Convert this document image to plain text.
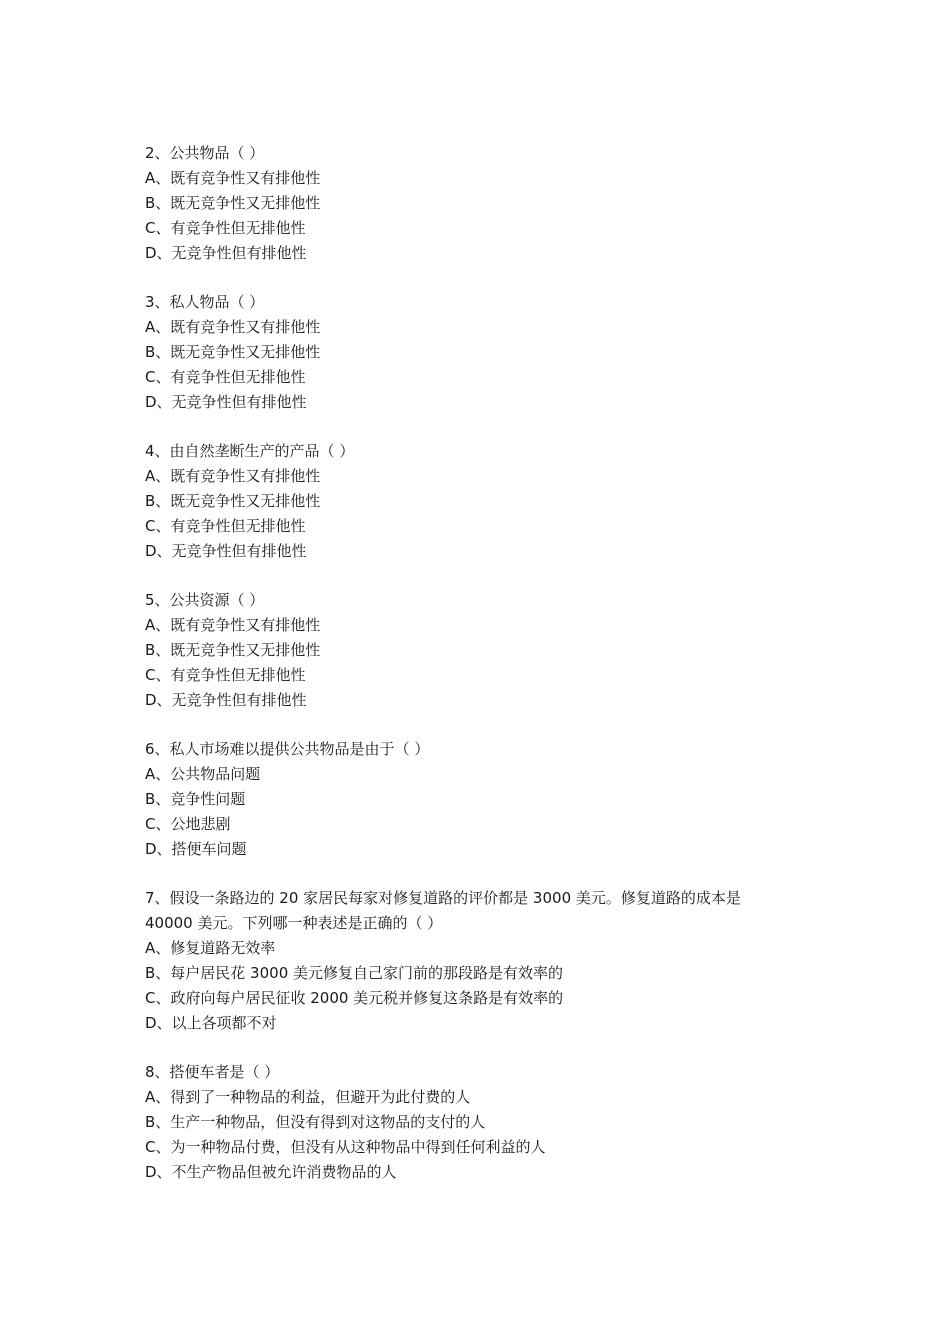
2、公共物品（ ）
A、既有竞争性又有排他性
B、既无竞争性又无排他性
C、有竞争性但无排他性
D、无竞争性但有排他性
3、私人物品（ ）
A、既有竞争性又有排他性
B、既无竞争性又无排他性
C、有竞争性但无排他性
D、无竞争性但有排他性
4、由自然垄断生产的产品（ ）
A、既有竞争性又有排他性
B、既无竞争性又无排他性
C、有竞争性但无排他性
D、无竞争性但有排他性
5、公共资源（ ）
A、既有竞争性又有排他性
B、既无竞争性又无排他性
C、有竞争性但无排他性
D、无竞争性但有排他性
6、私人市场难以提供公共物品是由于（ ）
A、公共物品问题
B、竞争性问题
C、公地悲剧
D、搭便车问题
7、假设一条路边的 20 家居民每家对修复道路的评价都是 3000 美元。修复道路的成本是
40000 美元。下列哪一种表述是正确的（ ）
A、修复道路无效率
B、每户居民花 3000 美元修复自己家门前的那段路是有效率的
C、政府向每户居民征收 2000 美元税并修复这条路是有效率的
D、以上各项都不对
8、搭便车者是（ ）
A、得到了一种物品的利益，但避开为此付费的人
B、生产一种物品，但没有得到对这物品的支付的人
C、为一种物品付费，但没有从这种物品中得到任何利益的人
D、不生产物品但被允许消费物品的人
